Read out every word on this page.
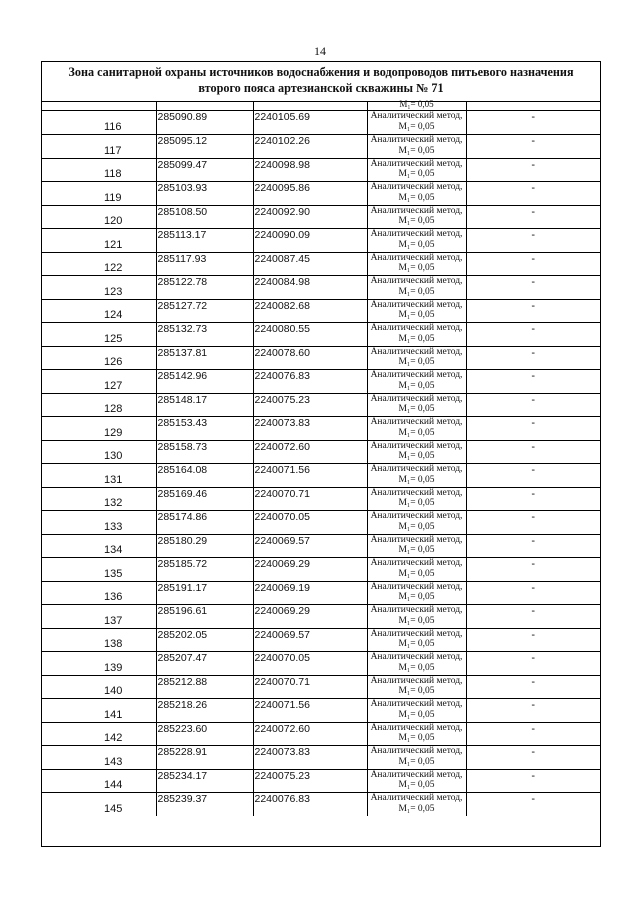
14
Зона санитарной охраны источников водоснабжения и водопроводов питьевого назначения
второго пояса артезианской скважины № 71
M₁= 0,05
116	285090.89	2240105.69	Аналитический метод,
M₁= 0,05	-

117	285095.12	2240102.26	Аналитический метод,
M₁= 0,05	-

118	285099.47	2240098.98	Аналитический метод,
M₁= 0,05	-

119	285103.93	2240095.86	Аналитический метод,
M₁= 0,05	-

120	285108.50	2240092.90	Аналитический метод,
M₁= 0,05	-

121	285113.17	2240090.09	Аналитический метод,
M₁= 0,05	-

122	285117.93	2240087.45	Аналитический метод,
M₁= 0,05	-

123	285122.78	2240084.98	Аналитический метод,
M₁= 0,05	-

124	285127.72	2240082.68	Аналитический метод,
M₁= 0,05	-

125	285132.73	2240080.55	Аналитический метод,
M₁= 0,05	-

126	285137.81	2240078.60	Аналитический метод,
M₁= 0,05	-

127	285142.96	2240076.83	Аналитический метод,
M₁= 0,05	-

128	285148.17	2240075.23	Аналитический метод,
M₁= 0,05	-

129	285153.43	2240073.83	Аналитический метод,
M₁= 0,05	-

130	285158.73	2240072.60	Аналитический метод,
M₁= 0,05	-

131	285164.08	2240071.56	Аналитический метод,
M₁= 0,05	-

132	285169.46	2240070.71	Аналитический метод,
M₁= 0,05	-

133	285174.86	2240070.05	Аналитический метод,
M₁= 0,05	-

134	285180.29	2240069.57	Аналитический метод,
M₁= 0,05	-

135	285185.72	2240069.29	Аналитический метод,
M₁= 0,05	-

136	285191.17	2240069.19	Аналитический метод,
M₁= 0,05	-

137	285196.61	2240069.29	Аналитический метод,
M₁= 0,05	-

138	285202.05	2240069.57	Аналитический метод,
M₁= 0,05	-

139	285207.47	2240070.05	Аналитический метод,
M₁= 0,05	-

140	285212.88	2240070.71	Аналитический метод,
M₁= 0,05	-

141	285218.26	2240071.56	Аналитический метод,
M₁= 0,05	-

142	285223.60	2240072.60	Аналитический метод,
M₁= 0,05	-

143	285228.91	2240073.83	Аналитический метод,
M₁= 0,05	-

144	285234.17	2240075.23	Аналитический метод,
M₁= 0,05	-

145	285239.37	2240076.83	Аналитический метод,
M₁= 0,05	-
